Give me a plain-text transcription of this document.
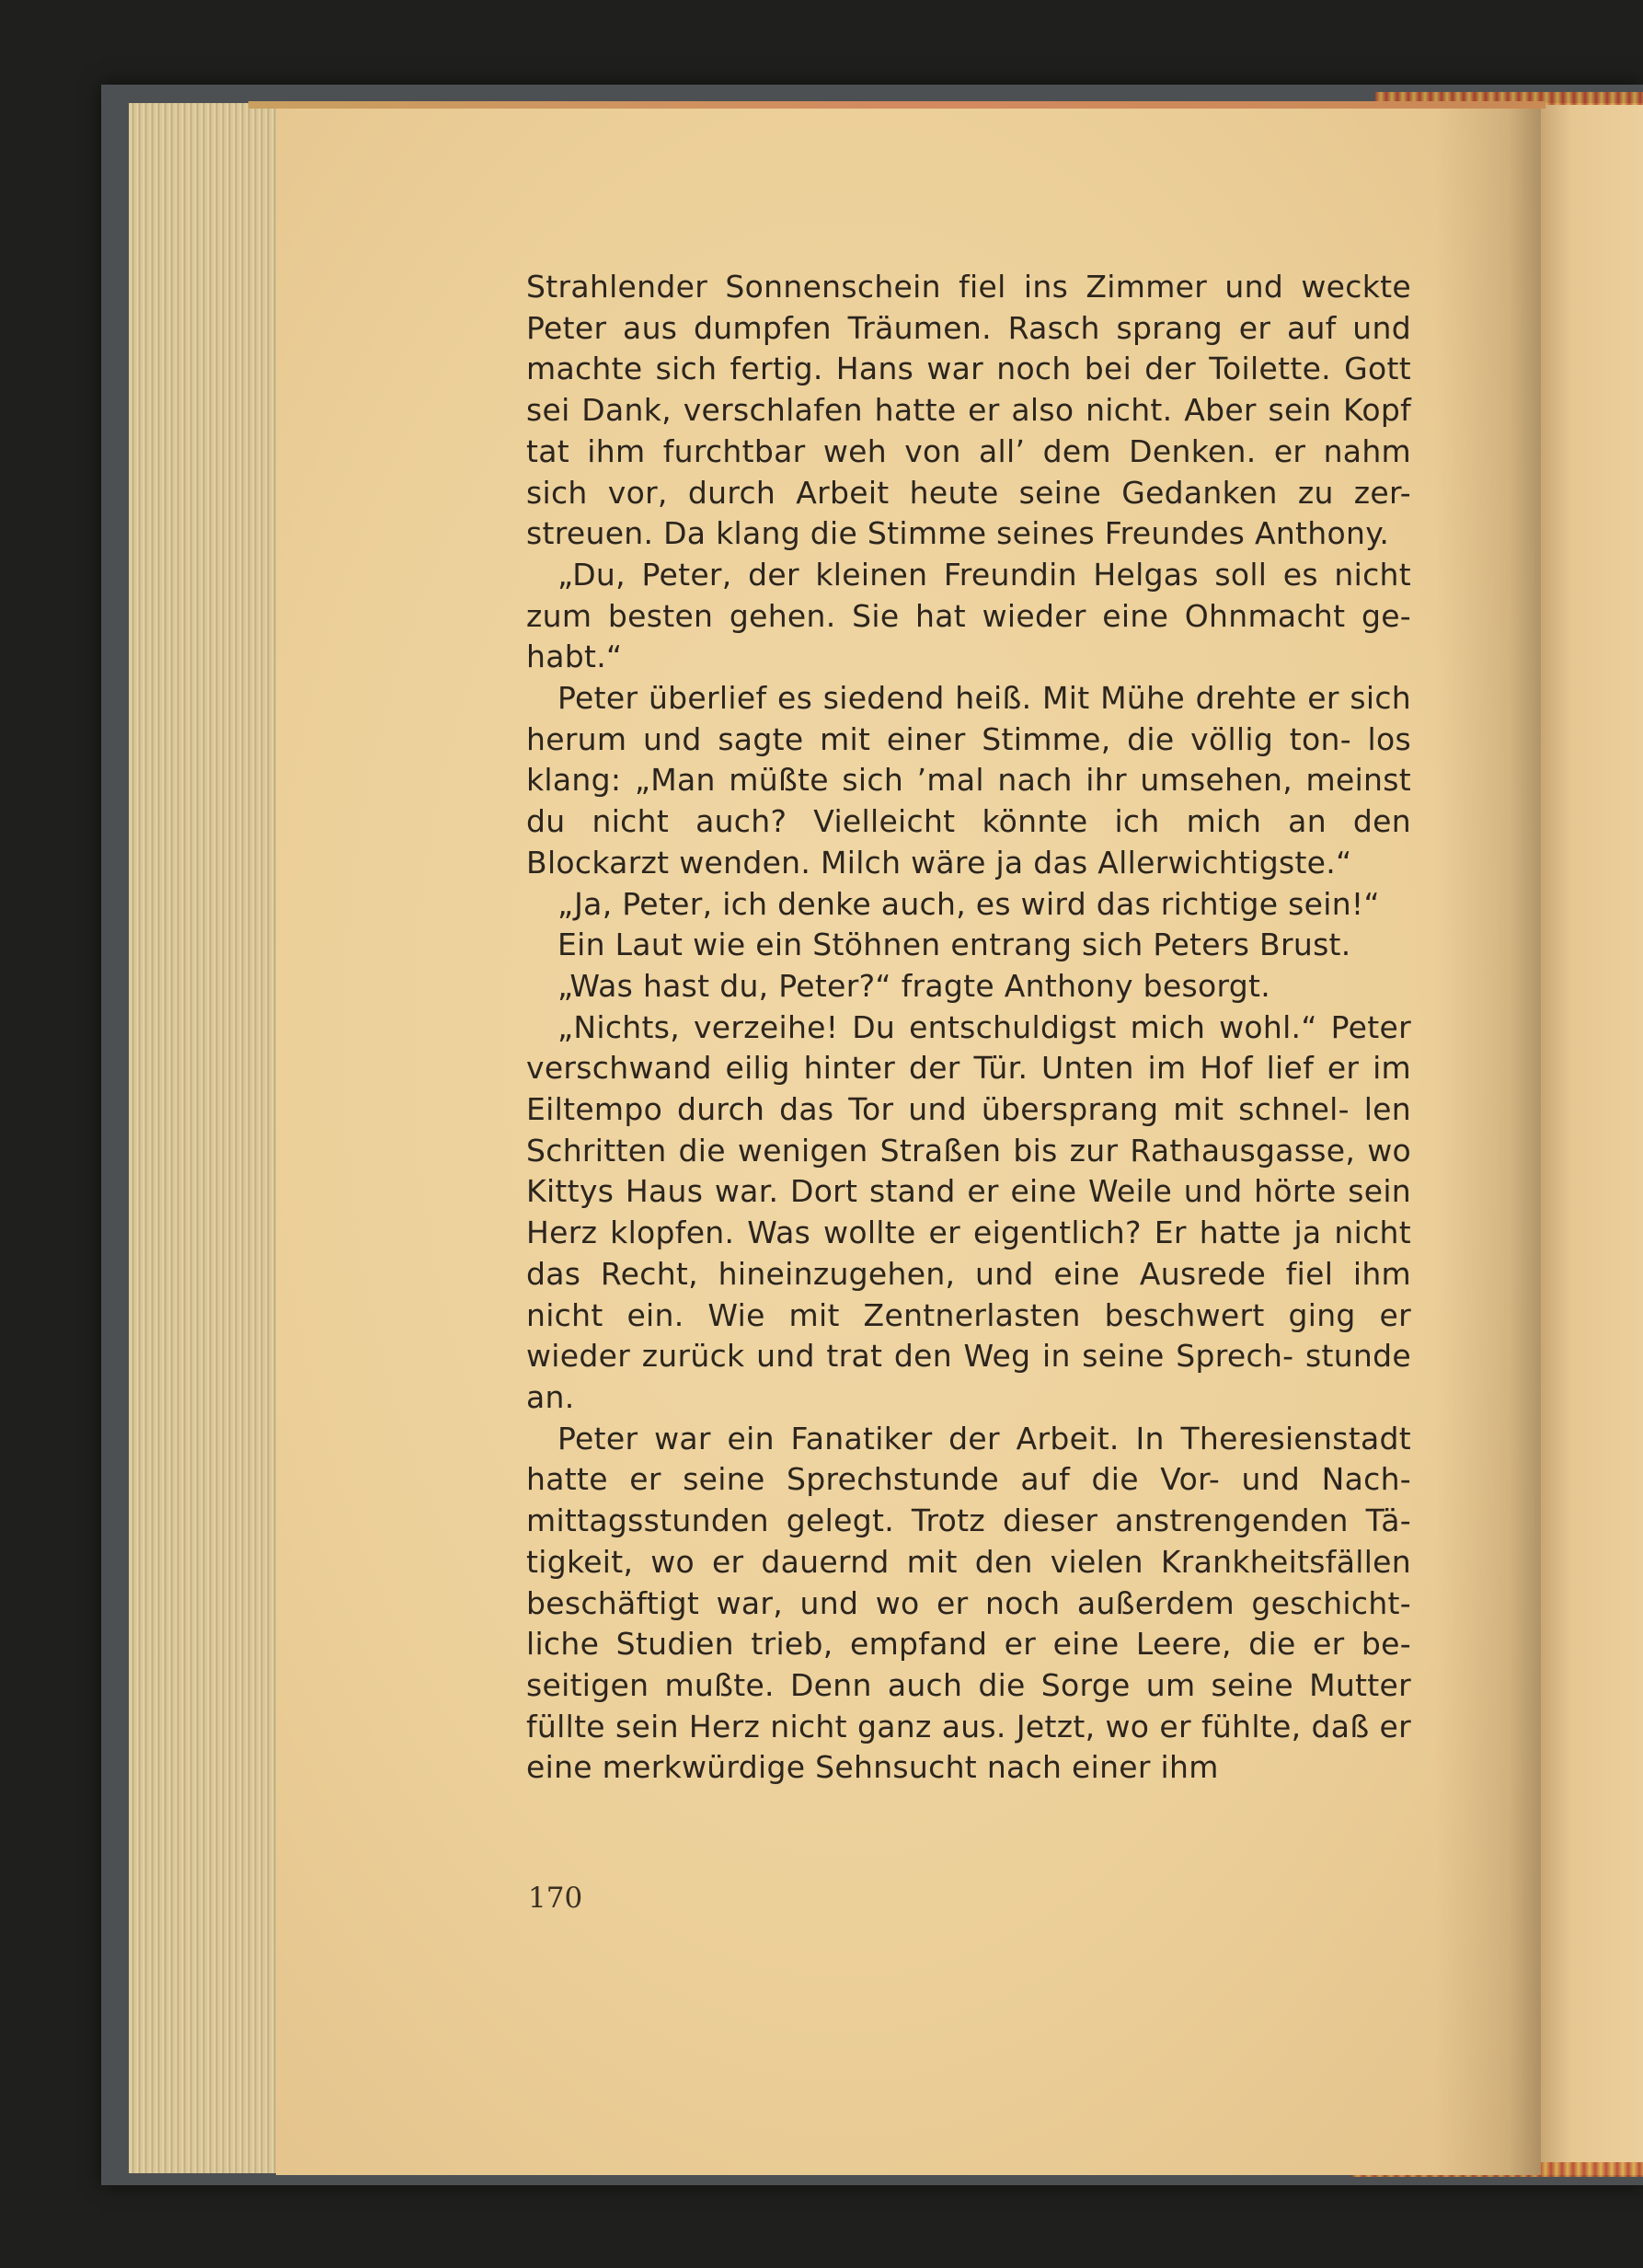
Strahlender Sonnenschein fiel ins Zimmer und weckte Peter aus dumpfen Träumen. Rasch sprang er auf und machte sich fertig. Hans war noch bei der Toilette. Gott sei Dank, verschlafen hatte er also nicht. Aber sein Kopf tat ihm furchtbar weh von all’ dem Denken. er nahm sich vor, durch Arbeit heute seine Gedanken zu zer- streuen. Da klang die Stimme seines Freundes Anthony.

„Du, Peter, der kleinen Freundin Helgas soll es nicht zum besten gehen. Sie hat wieder eine Ohnmacht ge- habt.“

Peter überlief es siedend heiß. Mit Mühe drehte er sich herum und sagte mit einer Stimme, die völlig ton- los klang: „Man müßte sich ’mal nach ihr umsehen, meinst du nicht auch? Vielleicht könnte ich mich an den Blockarzt wenden. Milch wäre ja das Allerwichtigste.“

„Ja, Peter, ich denke auch, es wird das richtige sein!“

Ein Laut wie ein Stöhnen entrang sich Peters Brust.

„Was hast du, Peter?“ fragte Anthony besorgt.

„Nichts, verzeihe! Du entschuldigst mich wohl.“ Peter verschwand eilig hinter der Tür. Unten im Hof lief er im Eiltempo durch das Tor und übersprang mit schnel- len Schritten die wenigen Straßen bis zur Rathausgasse, wo Kittys Haus war. Dort stand er eine Weile und hörte sein Herz klopfen. Was wollte er eigentlich? Er hatte ja nicht das Recht, hineinzugehen, und eine Ausrede fiel ihm nicht ein. Wie mit Zentnerlasten beschwert ging er wieder zurück und trat den Weg in seine Sprech- stunde an.

Peter war ein Fanatiker der Arbeit. In Theresienstadt hatte er seine Sprechstunde auf die Vor- und Nach- mittagsstunden gelegt. Trotz dieser anstrengenden Tä- tigkeit, wo er dauernd mit den vielen Krankheitsfällen beschäftigt war, und wo er noch außerdem geschicht- liche Studien trieb, empfand er eine Leere, die er be- seitigen mußte. Denn auch die Sorge um seine Mutter füllte sein Herz nicht ganz aus. Jetzt, wo er fühlte, daß er eine merkwürdige Sehnsucht nach einer ihm

170
